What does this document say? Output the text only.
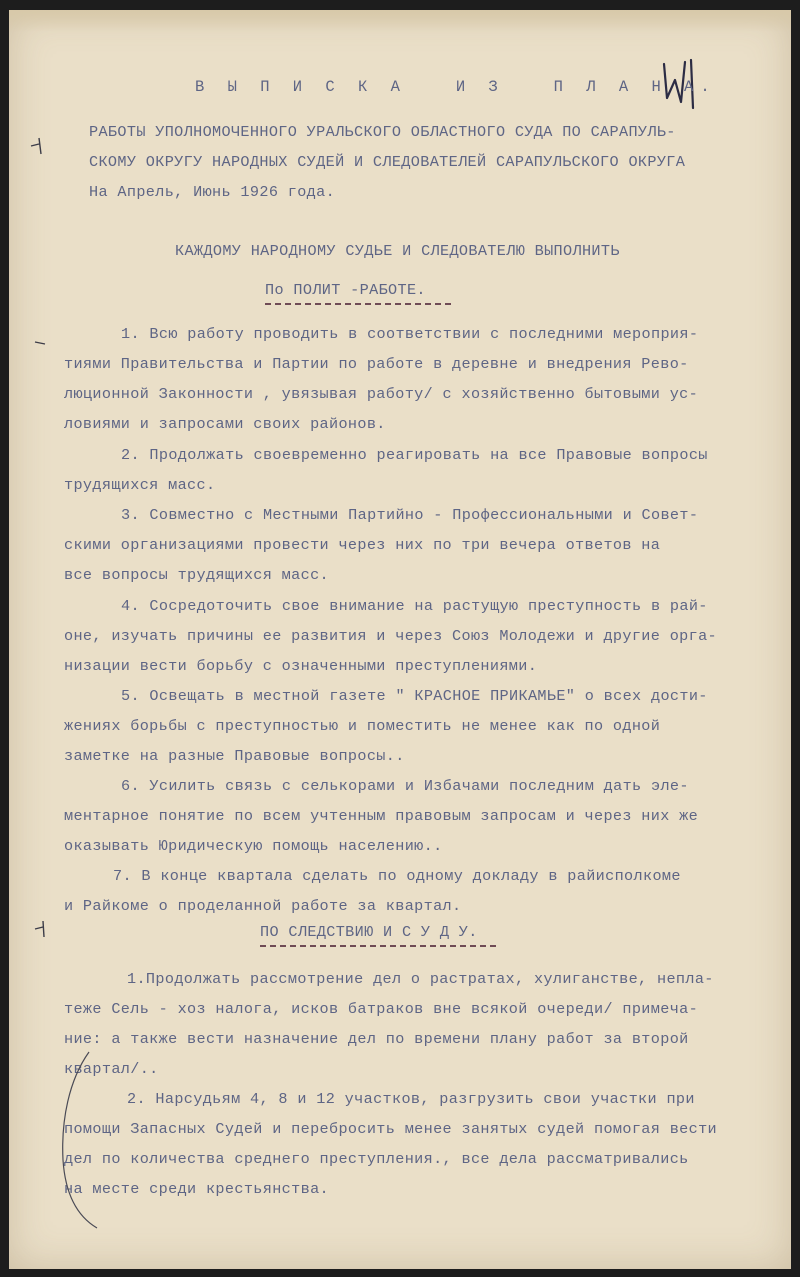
41
В Ы П И С К А   И З   П Л А Н А.
РАБОТЫ УПОЛНОМОЧЕННОГО УРАЛЬСКОГО ОБЛАСТНОГО СУДА ПО САРАПУЛЬ-
СКОМУ ОКРУГУ НАРОДНЫХ СУДЕЙ И СЛЕДОВАТЕЛЕЙ САРАПУЛЬСКОГО ОКРУГА
На Апрель, Июнь 1926 года.
КАЖДОМУ НАРОДНОМУ СУДЬЕ И СЛЕДОВАТЕЛЮ ВЫПОЛНИТЬ
По ПОЛИТ -РАБОТЕ.
1. Всю работу проводить в соответствии с последними мероприя-
тиями Правительства и Партии по работе в деревне и внедрения Рево-
люционной Законности , увязывая работу/ с хозяйственно бытовыми ус-
ловиями и запросами своих районов.
2. Продолжать своевременно реагировать на все Правовые вопросы
трудящихся масс.
3. Совместно с Местными Партийно - Профессиональными и Совет-
скими организациями провести через них по три вечера ответов на
все вопросы трудящихся масс.
4. Сосредоточить свое внимание на растущую преступность в рай-
оне, изучать причины ее развития и через Союз Молодежи и другие орга-
низации вести борьбу с означенными преступлениями.
5. Освещать в местной газете " КРАСНОЕ ПРИКАМЬЕ" о всех дости-
жениях борьбы с преступностью и поместить не менее как по одной
заметке на разные Правовые вопросы..
6. Усилить связь с селькорами и Избачами последним дать эле-
ментарное понятие по всем учтенным правовым запросам и через них же
оказывать Юридическую помощь населению..
7. В конце квартала сделать по одному докладу в райисполкоме
и Райкоме о проделанной работе за квартал.
ПО СЛЕДСТВИЮ И С У Д У.
1.Продолжать рассмотрение дел о растратах, хулиганстве, непла-
теже Сель - хоз налога, исков батраков вне всякой очереди/ примеча-
ние: а также вести назначение дел по времени плану работ за второй
квартал/..
2. Нарсудьям 4, 8 и 12 участков, разгрузить свои участки при
помощи Запасных Судей и перебросить менее занятых судей помогая вести
дел по количества среднего преступления., все дела рассматривались
на месте среди крестьянства.
